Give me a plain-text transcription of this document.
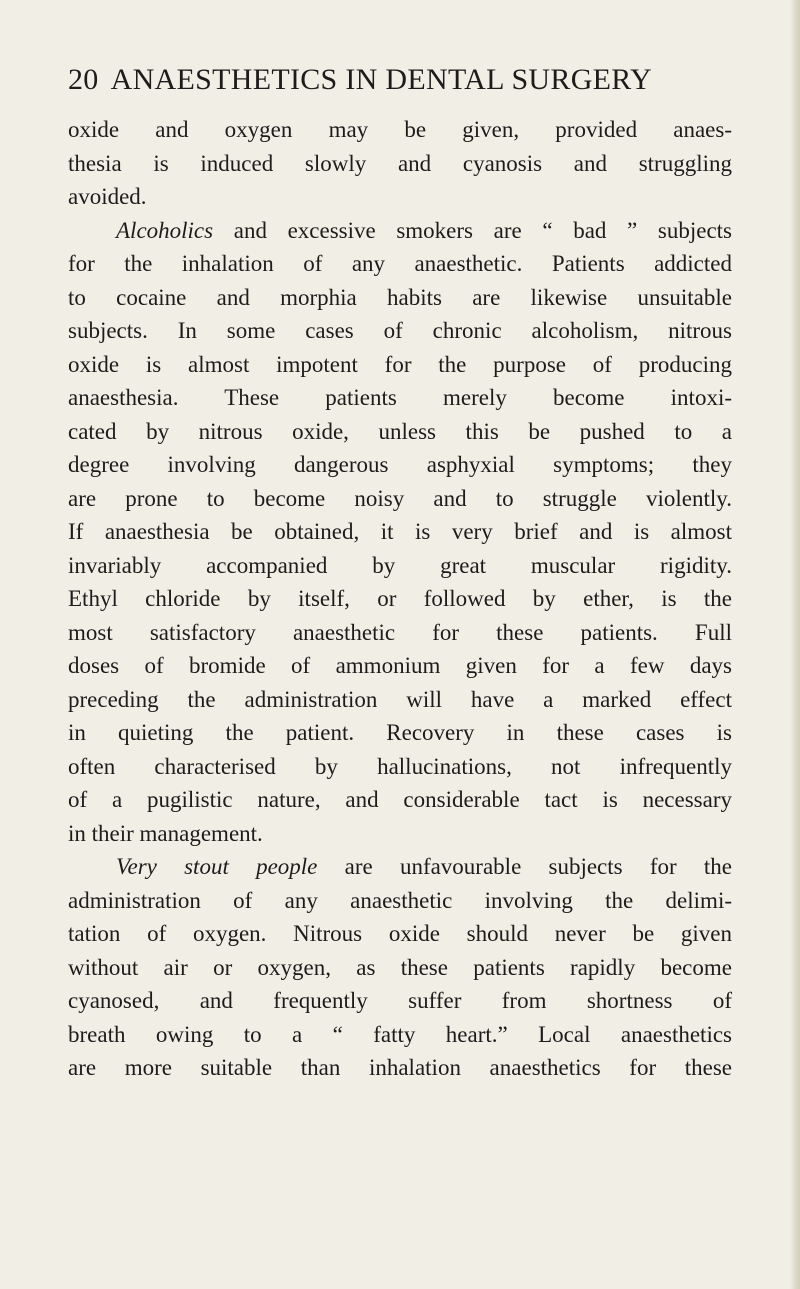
20 ANAESTHETICS IN DENTAL SURGERY

oxide and oxygen may be given, provided anaes-

thesia is induced slowly and cyanosis and struggling

avoided.

Alcoholics and excessive smokers are “ bad ” subjects

for the inhalation of any anaesthetic. Patients addicted

to cocaine and morphia habits are likewise unsuitable

subjects. In some cases of chronic alcoholism, nitrous

oxide is almost impotent for the purpose of producing

anaesthesia. These patients merely become intoxi-

cated by nitrous oxide, unless this be pushed to a

degree involving dangerous asphyxial symptoms; they

are prone to become noisy and to struggle violently.

If anaesthesia be obtained, it is very brief and is almost

invariably accompanied by great muscular rigidity.

Ethyl chloride by itself, or followed by ether, is the

most satisfactory anaesthetic for these patients. Full

doses of bromide of ammonium given for a few days

preceding the administration will have a marked effect

in quieting the patient. Recovery in these cases is

often characterised by hallucinations, not infrequently

of a pugilistic nature, and considerable tact is necessary

in their management.

Very stout people are unfavourable subjects for the

administration of any anaesthetic involving the delimi-

tation of oxygen. Nitrous oxide should never be given

without air or oxygen, as these patients rapidly become

cyanosed, and frequently suffer from shortness of

breath owing to a “ fatty heart.” Local anaesthetics

are more suitable than inhalation anaesthetics for these
